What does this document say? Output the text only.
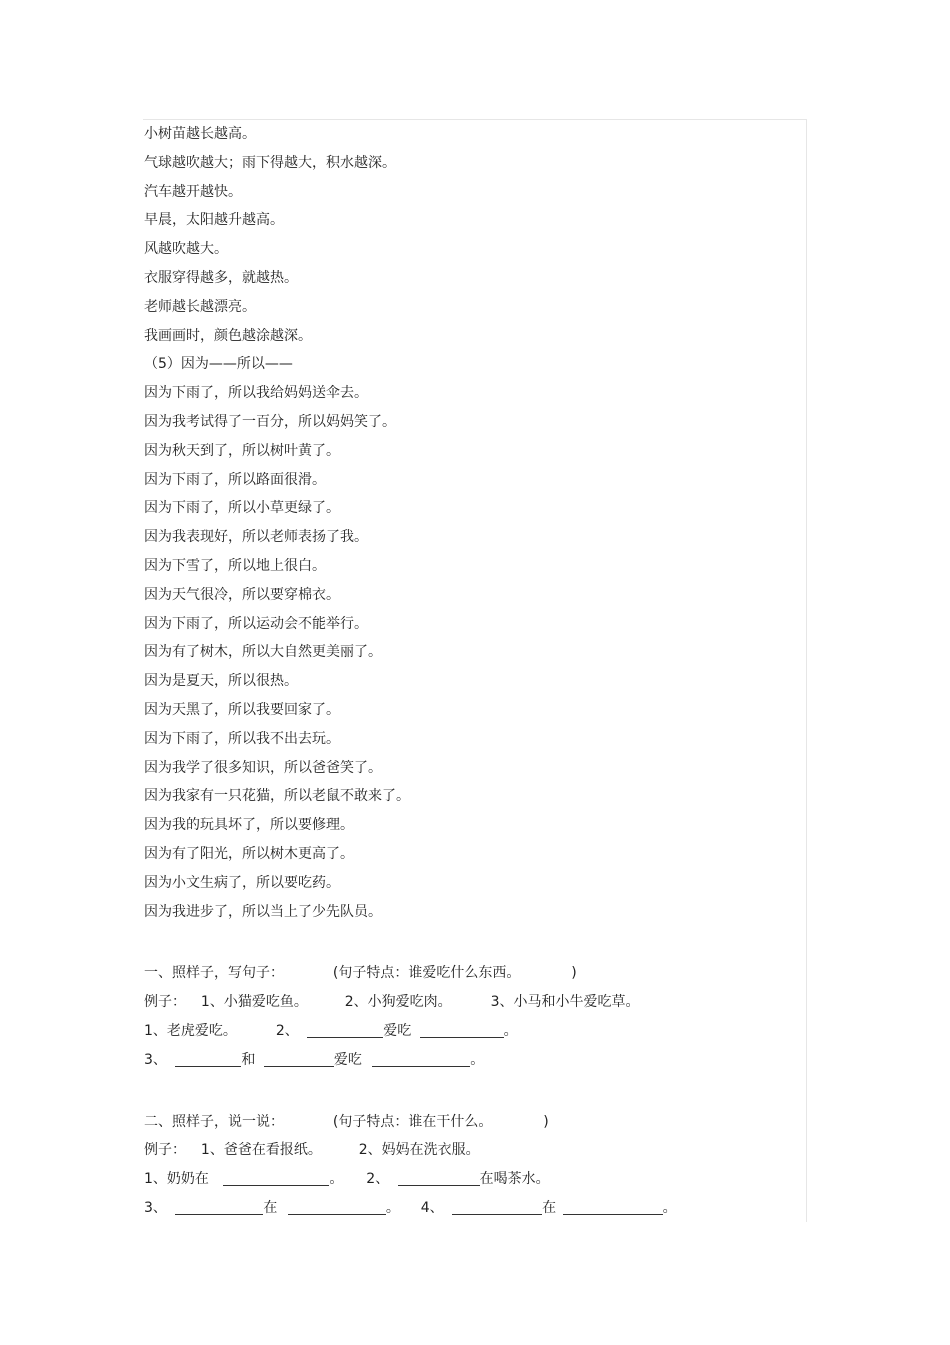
小树苗越长越高。
气球越吹越大；雨下得越大，积水越深。
汽车越开越快。
早晨，太阳越升越高。
风越吹越大。
衣服穿得越多，就越热。
老师越长越漂亮。
我画画时，颜色越涂越深。
（5）因为——所以——
因为下雨了，所以我给妈妈送伞去。
因为我考试得了一百分，所以妈妈笑了。
因为秋天到了，所以树叶黄了。
因为下雨了，所以路面很滑。
因为下雨了，所以小草更绿了。
因为我表现好，所以老师表扬了我。
因为下雪了，所以地上很白。
因为天气很冷，所以要穿棉衣。
因为下雨了，所以运动会不能举行。
因为有了树木，所以大自然更美丽了。
因为是夏天，所以很热。
因为天黑了，所以我要回家了。
因为下雨了，所以我不出去玩。
因为我学了很多知识，所以爸爸笑了。
因为我家有一只花猫，所以老鼠不敢来了。
因为我的玩具坏了，所以要修理。
因为有了阳光，所以树木更高了。
因为小文生病了，所以要吃药。
因为我进步了，所以当上了少先队员。
一、照样子，写句子：	(句子特点：谁爱吃什么东西。	)
例子： 1、小猫爱吃鱼。	2、小狗爱吃肉。	3、小马和小牛爱吃草。
1、老虎爱吃。	2、	爱吃	。
3、	和	爱吃	。
二、照样子，说一说：	(句子特点：谁在干什么。	)
例子： 1、爸爸在看报纸。	2、妈妈在洗衣服。
1、奶奶在	。 2、	在喝茶水。
3、	在	。 4、	在	。
